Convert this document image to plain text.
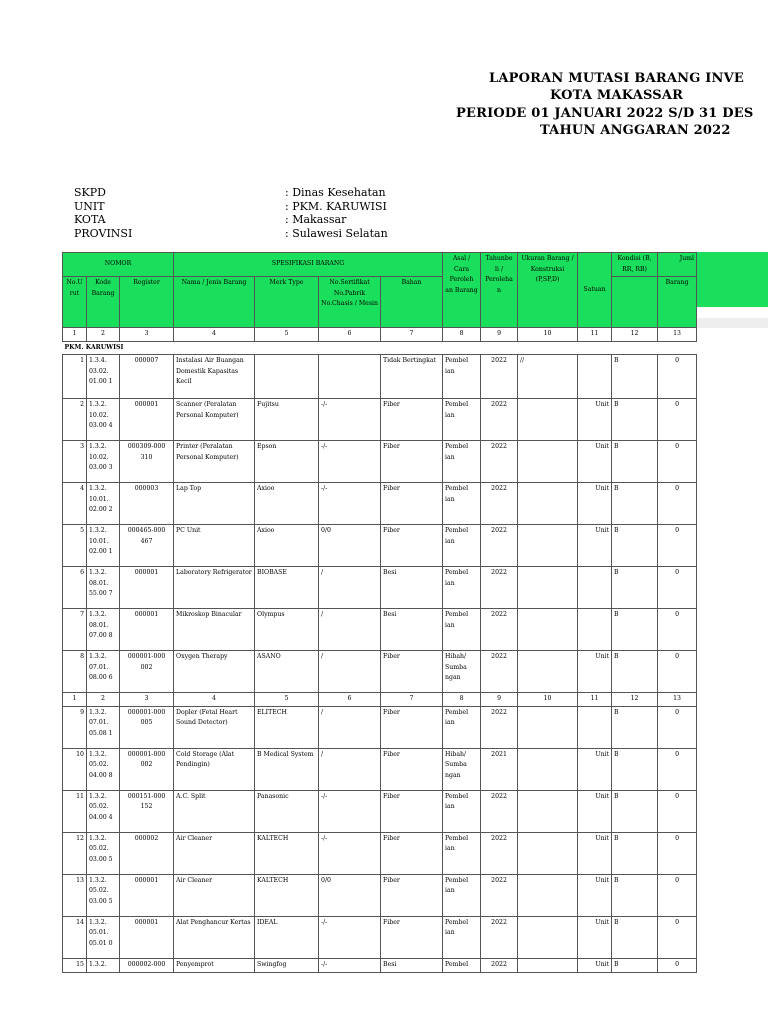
LAPORAN MUTASI BARANG INVE
KOTA MAKASSAR
PERIODE 01 JANUARI 2022 S/D 31 DES
TAHUN ANGGARAN 2022
SKPD	: Dinas Kesehatan
UNIT	: PKM. KARUWISI
KOTA	: Makassar
PROVINSI	: Sulawesi Selatan
NOMOR			SPESIFIKASI BARANG				Asal / Cara Peroleh an Barang	Tahunbe li / Peroleha n	Ukuran Barang / Konstruksi (P,SP,D)	Satuan	Kondisi (B, RR, RB)	Juml
No.U rut	Kode Barang	Register	Nama / Jenis Barang	Merk Type	No.Sertifikat No.Pabrik No.Chasis / Mesin	Bahan						Barang
1	2	3	4	5	6	7	8	9	10	11	12	13
PKM. KARUWISI												
1	1.3.4. 03.02. 01.00 1	000007	Instalasi Air Buangan Domestik Kapasitas Kecil			Tidak Bertingkat	Pembel ian	2022	//		B	0
2	1.3.2. 10.02. 03.00 4	000001	Scanner (Peralatan Personal Komputer)	Fujitsu	-/-	Fiber	Pembel ian	2022		Unit	B	0
3	1.3.2. 10.02. 03.00 3	000309-000 310	Printer (Peralatan Personal Komputer)	Epson	-/-	Fiber	Pembel ian	2022		Unit	B	0
4	1.3.2. 10.01. 02.00 2	000003	Lap Top	Axioo	-/-	Fiber	Pembel ian	2022		Unit	B	0
5	1.3.2. 10.01. 02.00 1	000465-000 467	PC Unit	Axioo	0/0	Fiber	Pembel ian	2022		Unit	B	0
6	1.3.2. 08.01. 55.00 7	000001	Laboratory Refrigerator	BIOBASE	/	Besi	Pembel ian	2022			B	0
7	1.3.2. 08.01. 07.00 8	000001	Mikroskop Binacular	Olympus	/	Besi	Pembel ian	2022			B	0
8	1.3.2. 07.01. 08.00 6	000001-000 002	Oxygen Therapy	ASANO	/	Fiber	Hibah/ Sumba ngan	2022		Unit	B	0
1	2	3	4	5	6	7	8	9	10	11	12	13
9	1.3.2. 07.01. 05.08 1	000001-000 005	Dopler (Fetal Heart Sound Detector)	ELITECH	/	Fiber	Pembel ian	2022			B	0
10	1.3.2. 05.02. 04.00 8	000001-000 002	Cold Storage (Alat Pendingin)	B Medical System	/	Fiber	Hibah/ Sumba ngan	2021		Unit	B	0
11	1.3.2. 05.02. 04.00 4	000151-000 152	A.C. Split	Panasonic	-/-	Fiber	Pembel ian	2022		Unit	B	0
12	1.3.2. 05.02. 03.00 5	000002	Air Cleaner	KALTECH	-/-	Fiber	Pembel ian	2022		Unit	B	0
13	1.3.2. 05.02. 03.00 5	000001	Air Cleaner	KALTECH	0/0	Fiber	Pembel ian	2022		Unit	B	0
14	1.3.2. 05.01. 05.01 0	000001	Alat Penghancur Kertas	IDEAL	-/-	Fiber	Pembel ian	2022		Unit	B	0
15	1.3.2.	000002-000	Penyemprot	Swingfog	-/-	Besi	Pembel	2022		Unit	B	0
